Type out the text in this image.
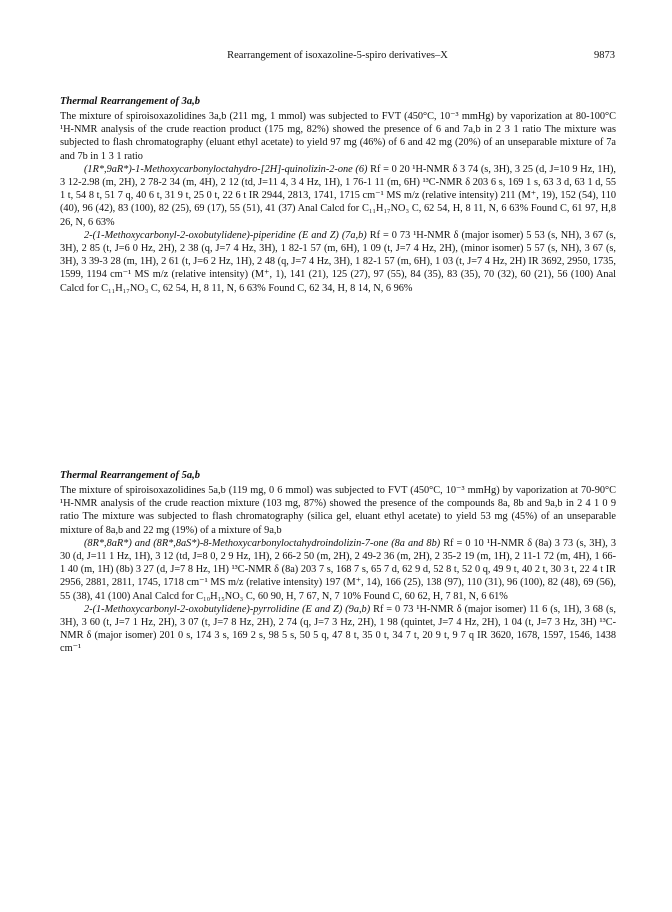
Rearrangement of isoxazoline-5-spiro derivatives–X	9873
Thermal Rearrangement of 3a,b

The mixture of spiroisoxazolidines 3a,b (211 mg, 1 mmol) was subjected to FVT (450°C, 10⁻³ mmHg) by vaporization at 80-100°C ¹H-NMR analysis of the crude reaction product (175 mg, 82%) showed the presence of 6 and 7a,b in 2 3 1 ratio The mixture was subjected to flash chromatography (eluant ethyl acetate) to yield 97 mg (46%) of 6 and 42 mg (20%) of an unseparable mixture of 7a and 7b in 1 3 1 ratio

(1R*,9aR*)-1-Methoxycarbonyloctahydro-[2H]-quinolizin-2-one (6) Rf = 0 20 ¹H-NMR δ 3 74 (s, 3H), 3 25 (d, J=10 9 Hz, 1H), 3 12-2.98 (m, 2H), 2 78-2 34 (m, 4H), 2 12 (td, J=11 4, 3 4 Hz, 1H), 1 76-1 11 (m, 6H) ¹³C-NMR δ 203 6 s, 169 1 s, 63 3 d, 63 1 d, 55 1 t, 54 8 t, 51 7 q, 40 6 t, 31 9 t, 25 0 t, 22 6 t IR 2944, 2813, 1741, 1715 cm⁻¹ MS m/z (relative intensity) 211 (M⁺, 19), 152 (54), 110 (40), 96 (42), 83 (100), 82 (25), 69 (17), 55 (51), 41 (37) Anal Calcd for C₁₁H₁₇NO₃ C, 62 54, H, 8 11, N, 6 63% Found C, 61 97, H,8 26, N, 6 63%

2-(1-Methoxycarbonyl-2-oxobutylidene)-piperidine (E and Z) (7a,b) Rf = 0 73 ¹H-NMR δ (major isomer) 5 53 (s, NH), 3 67 (s, 3H), 2 85 (t, J=6 0 Hz, 2H), 2 38 (q, J=7 4 Hz, 3H), 1 82-1 57 (m, 6H), 1 09 (t, J=7 4 Hz, 2H), (minor isomer) 5 57 (s, NH), 3 67 (s, 3H), 3 39-3 28 (m, 1H), 2 61 (t, J=6 2 Hz, 1H), 2 48 (q, J=7 4 Hz, 3H), 1 82-1 57 (m, 6H), 1 03 (t, J=7 4 Hz, 2H) IR 3692, 2950, 1735, 1599, 1194 cm⁻¹ MS m/z (relative intensity) (M⁺, 1), 141 (21), 125 (27), 97 (55), 84 (35), 83 (35), 70 (32), 60 (21), 56 (100) Anal Calcd for C₁₁H₁₇NO₃ C, 62 54, H, 8 11, N, 6 63% Found C, 62 34, H, 8 14, N, 6 96%

Thermal Rearrangement of 5a,b

The mixture of spiroisoxazolidines 5a,b (119 mg, 0 6 mmol) was subjected to FVT (450°C, 10⁻³ mmHg) by vaporization at 70-90°C ¹H-NMR analysis of the crude reaction mixture (103 mg, 87%) showed the presence of the compounds 8a, 8b and 9a,b in 2 4 1 0 9 ratio The mixture was subjected to flash chromatography (silica gel, eluant ethyl acetate) to yield 53 mg (45%) of an unseparable mixture of 8a,b and 22 mg (19%) of a mixture of 9a,b

(8R*,8aR*) and (8R*,8aS*)-8-Methoxycarbonyloctahydroindolizin-7-one (8a and 8b) Rf = 0 10 ¹H-NMR δ (8a) 3 73 (s, 3H), 3 30 (d, J=11 1 Hz, 1H), 3 12 (td, J=8 0, 2 9 Hz, 1H), 2 66-2 50 (m, 2H), 2 49-2 36 (m, 2H), 2 35-2 19 (m, 1H), 2 11-1 72 (m, 4H), 1 66-1 40 (m, 1H) (8b) 3 27 (d, J=7 8 Hz, 1H) ¹³C-NMR δ (8a) 203 7 s, 168 7 s, 65 7 d, 62 9 d, 52 8 t, 52 0 q, 49 9 t, 40 2 t, 30 3 t, 22 4 t IR 2956, 2881, 2811, 1745, 1718 cm⁻¹ MS m/z (relative intensity) 197 (M⁺, 14), 166 (25), 138 (97), 110 (31), 96 (100), 82 (48), 69 (56), 55 (38), 41 (100) Anal Calcd for C₁₀H₁₅NO₃ C, 60 90, H, 7 67, N, 7 10% Found C, 60 62, H, 7 81, N, 6 61%

2-(1-Methoxycarbonyl-2-oxobutylidene)-pyrrolidine (E and Z) (9a,b) Rf = 0 73 ¹H-NMR δ (major isomer) 11 6 (s, 1H), 3 68 (s, 3H), 3 60 (t, J=7 1 Hz, 2H), 3 07 (t, J=7 8 Hz, 2H), 2 74 (q, J=7 3 Hz, 2H), 1 98 (quintet, J=7 4 Hz, 2H), 1 04 (t, J=7 3 Hz, 3H) ¹³C-NMR δ (major isomer) 201 0 s, 174 3 s, 169 2 s, 98 5 s, 50 5 q, 47 8 t, 35 0 t, 34 7 t, 20 9 t, 9 7 q IR 3620, 1678, 1597, 1546, 1438 cm⁻¹
